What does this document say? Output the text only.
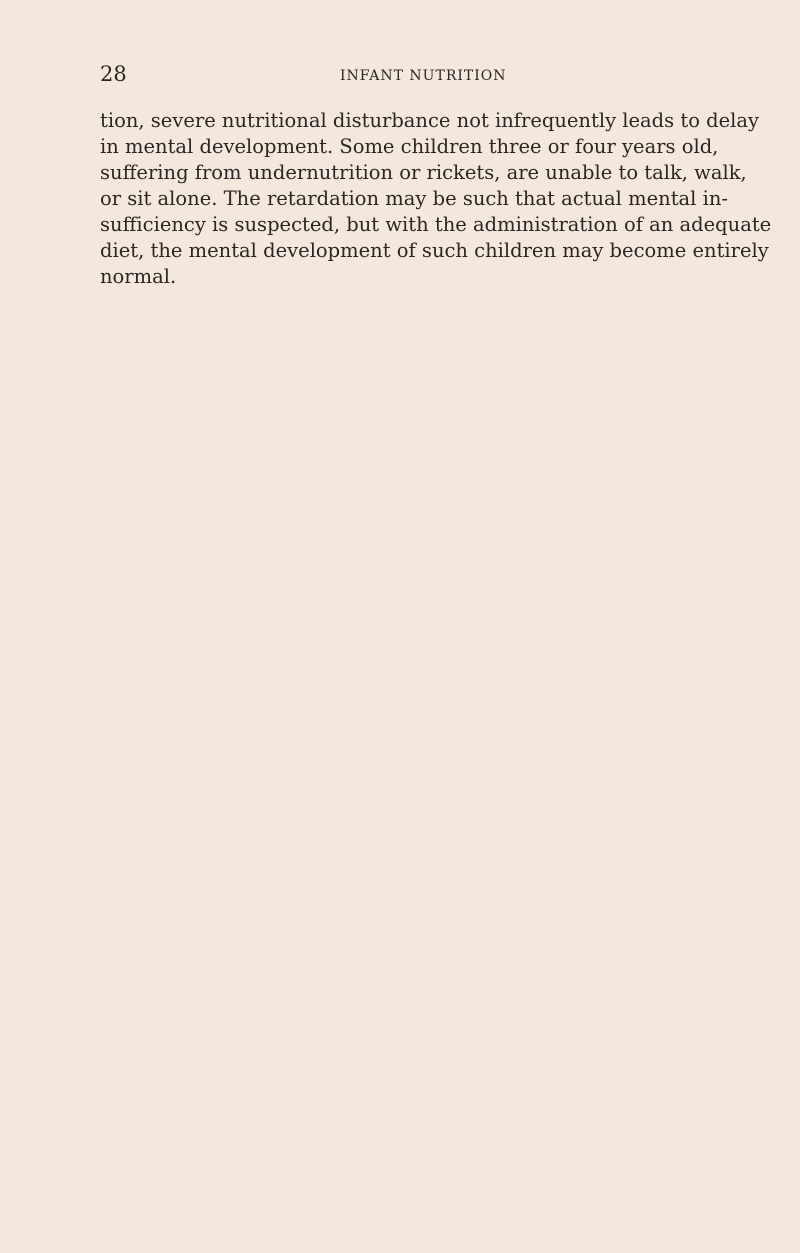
28	INFANT NUTRITION
tion, severe nutritional disturbance not infrequently leads to delay
in mental development. Some children three or four years old,
suffering from undernutrition or rickets, are unable to talk, walk,
or sit alone. The retardation may be such that actual mental in-
sufficiency is suspected, but with the administration of an adequate
diet, the mental development of such children may become entirely
normal.
